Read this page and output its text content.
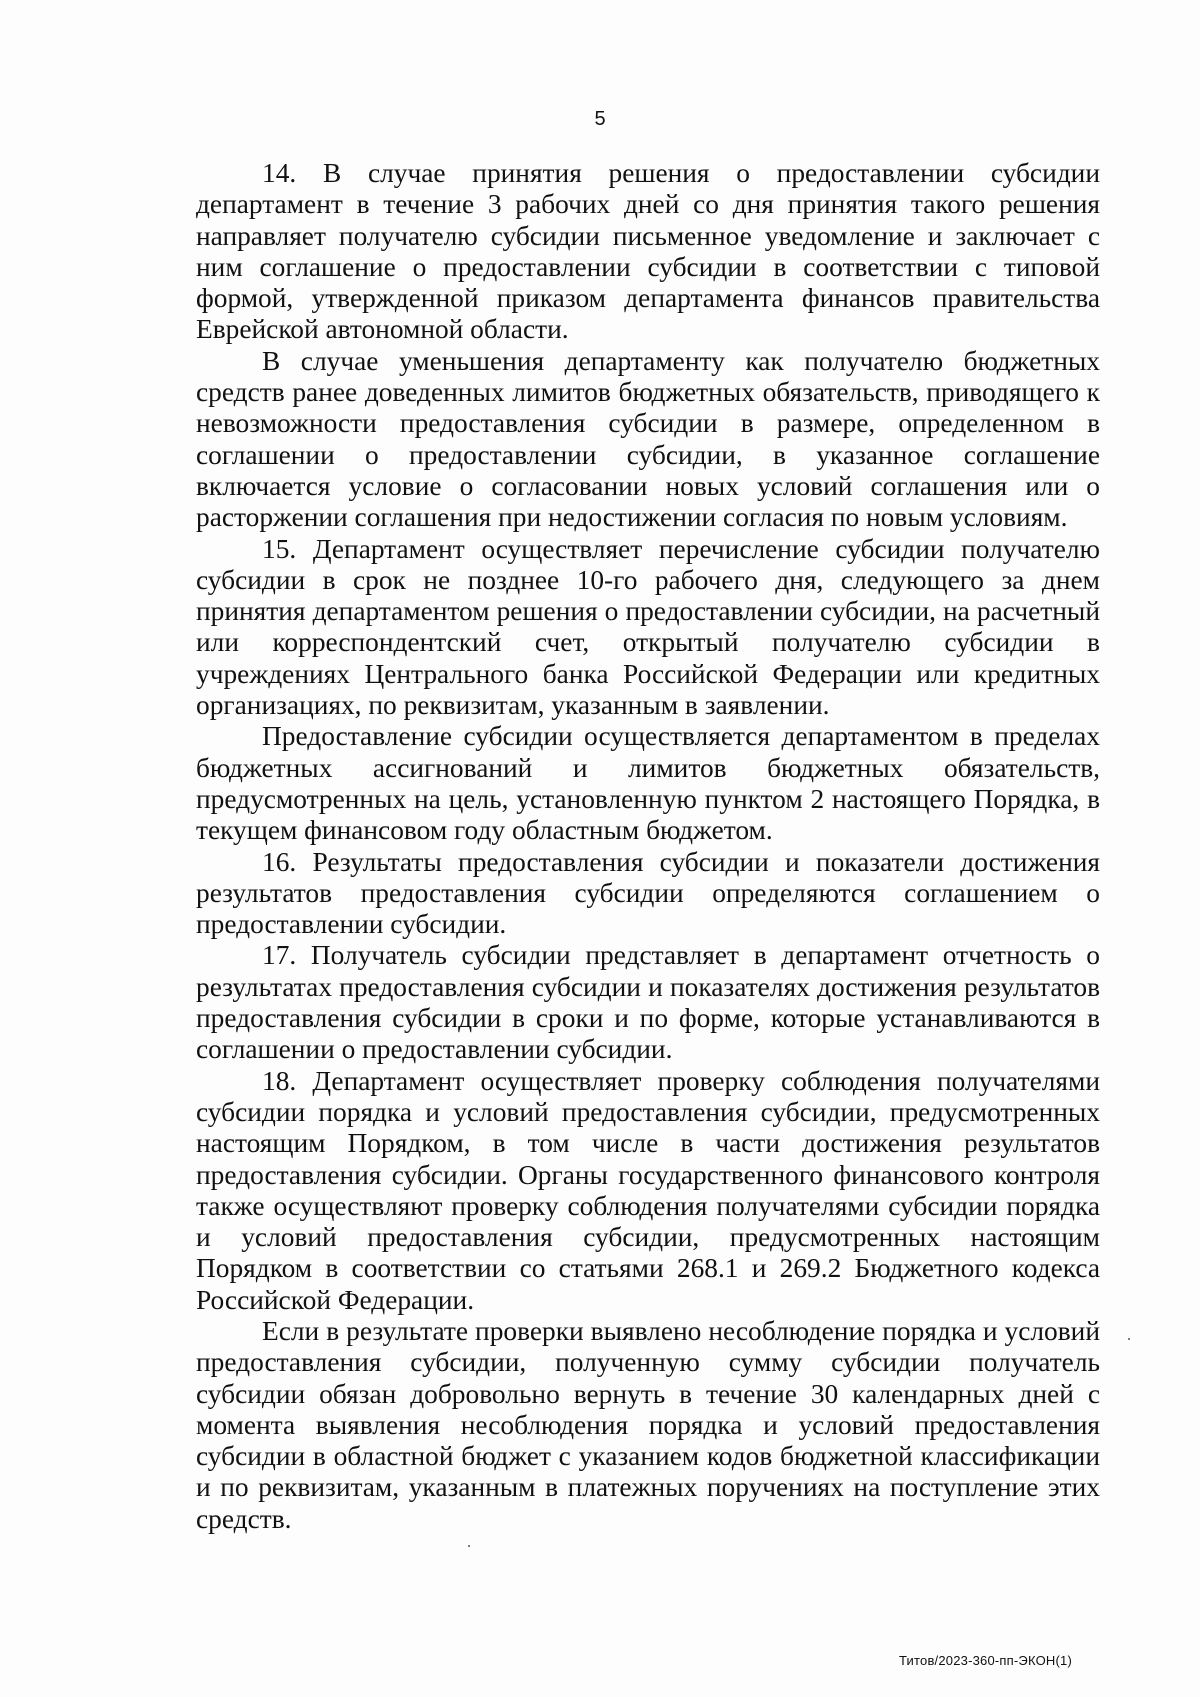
5

14. В случае принятия решения о предоставлении субсидии департамент в течение 3 рабочих дней со дня принятия такого решения направляет получателю субсидии письменное уведомление и заключает с ним соглашение о предоставлении субсидии в соответствии с типовой формой, утвержденной приказом департамента финансов правительства Еврейской автономной области.

В случае уменьшения департаменту как получателю бюджетных средств ранее доведенных лимитов бюджетных обязательств, приводящего к невозможности предоставления субсидии в размере, определенном в соглашении о предоставлении субсидии, в указанное соглашение включается условие о согласовании новых условий соглашения или о расторжении соглашения при недостижении согласия по новым условиям.

15. Департамент осуществляет перечисление субсидии получателю субсидии в срок не позднее 10-го рабочего дня, следующего за днем принятия департаментом решения о предоставлении субсидии, на расчетный или корреспондентский счет, открытый получателю субсидии в учреждениях Центрального банка Российской Федерации или кредитных организациях, по реквизитам, указанным в заявлении.

Предоставление субсидии осуществляется департаментом в пределах бюджетных ассигнований и лимитов бюджетных обязательств, предусмотренных на цель, установленную пунктом 2 настоящего Порядка, в текущем финансовом году областным бюджетом.

16. Результаты предоставления субсидии и показатели достижения результатов предоставления субсидии определяются соглашением о предоставлении субсидии.

17. Получатель субсидии представляет в департамент отчетность о результатах предоставления субсидии и показателях достижения результатов предоставления субсидии в сроки и по форме, которые устанавливаются в соглашении о предоставлении субсидии.

18. Департамент осуществляет проверку соблюдения получателями субсидии порядка и условий предоставления субсидии, предусмотренных настоящим Порядком, в том числе в части достижения результатов предоставления субсидии. Органы государственного финансового контроля также осуществляют проверку соблюдения получателями субсидии порядка и условий предоставления субсидии, предусмотренных настоящим Порядком в соответствии со статьями 268.1 и 269.2 Бюджетного кодекса Российской Федерации.

Если в результате проверки выявлено несоблюдение порядка и условий предоставления субсидии, полученную сумму субсидии получатель субсидии обязан добровольно вернуть в течение 30 календарных дней с момента выявления несоблюдения порядка и условий предоставления субсидии в областной бюджет с указанием кодов бюджетной классификации и по реквизитам, указанным в платежных поручениях на поступление этих средств.

Титов/2023-360-пп-ЭКОН(1)
